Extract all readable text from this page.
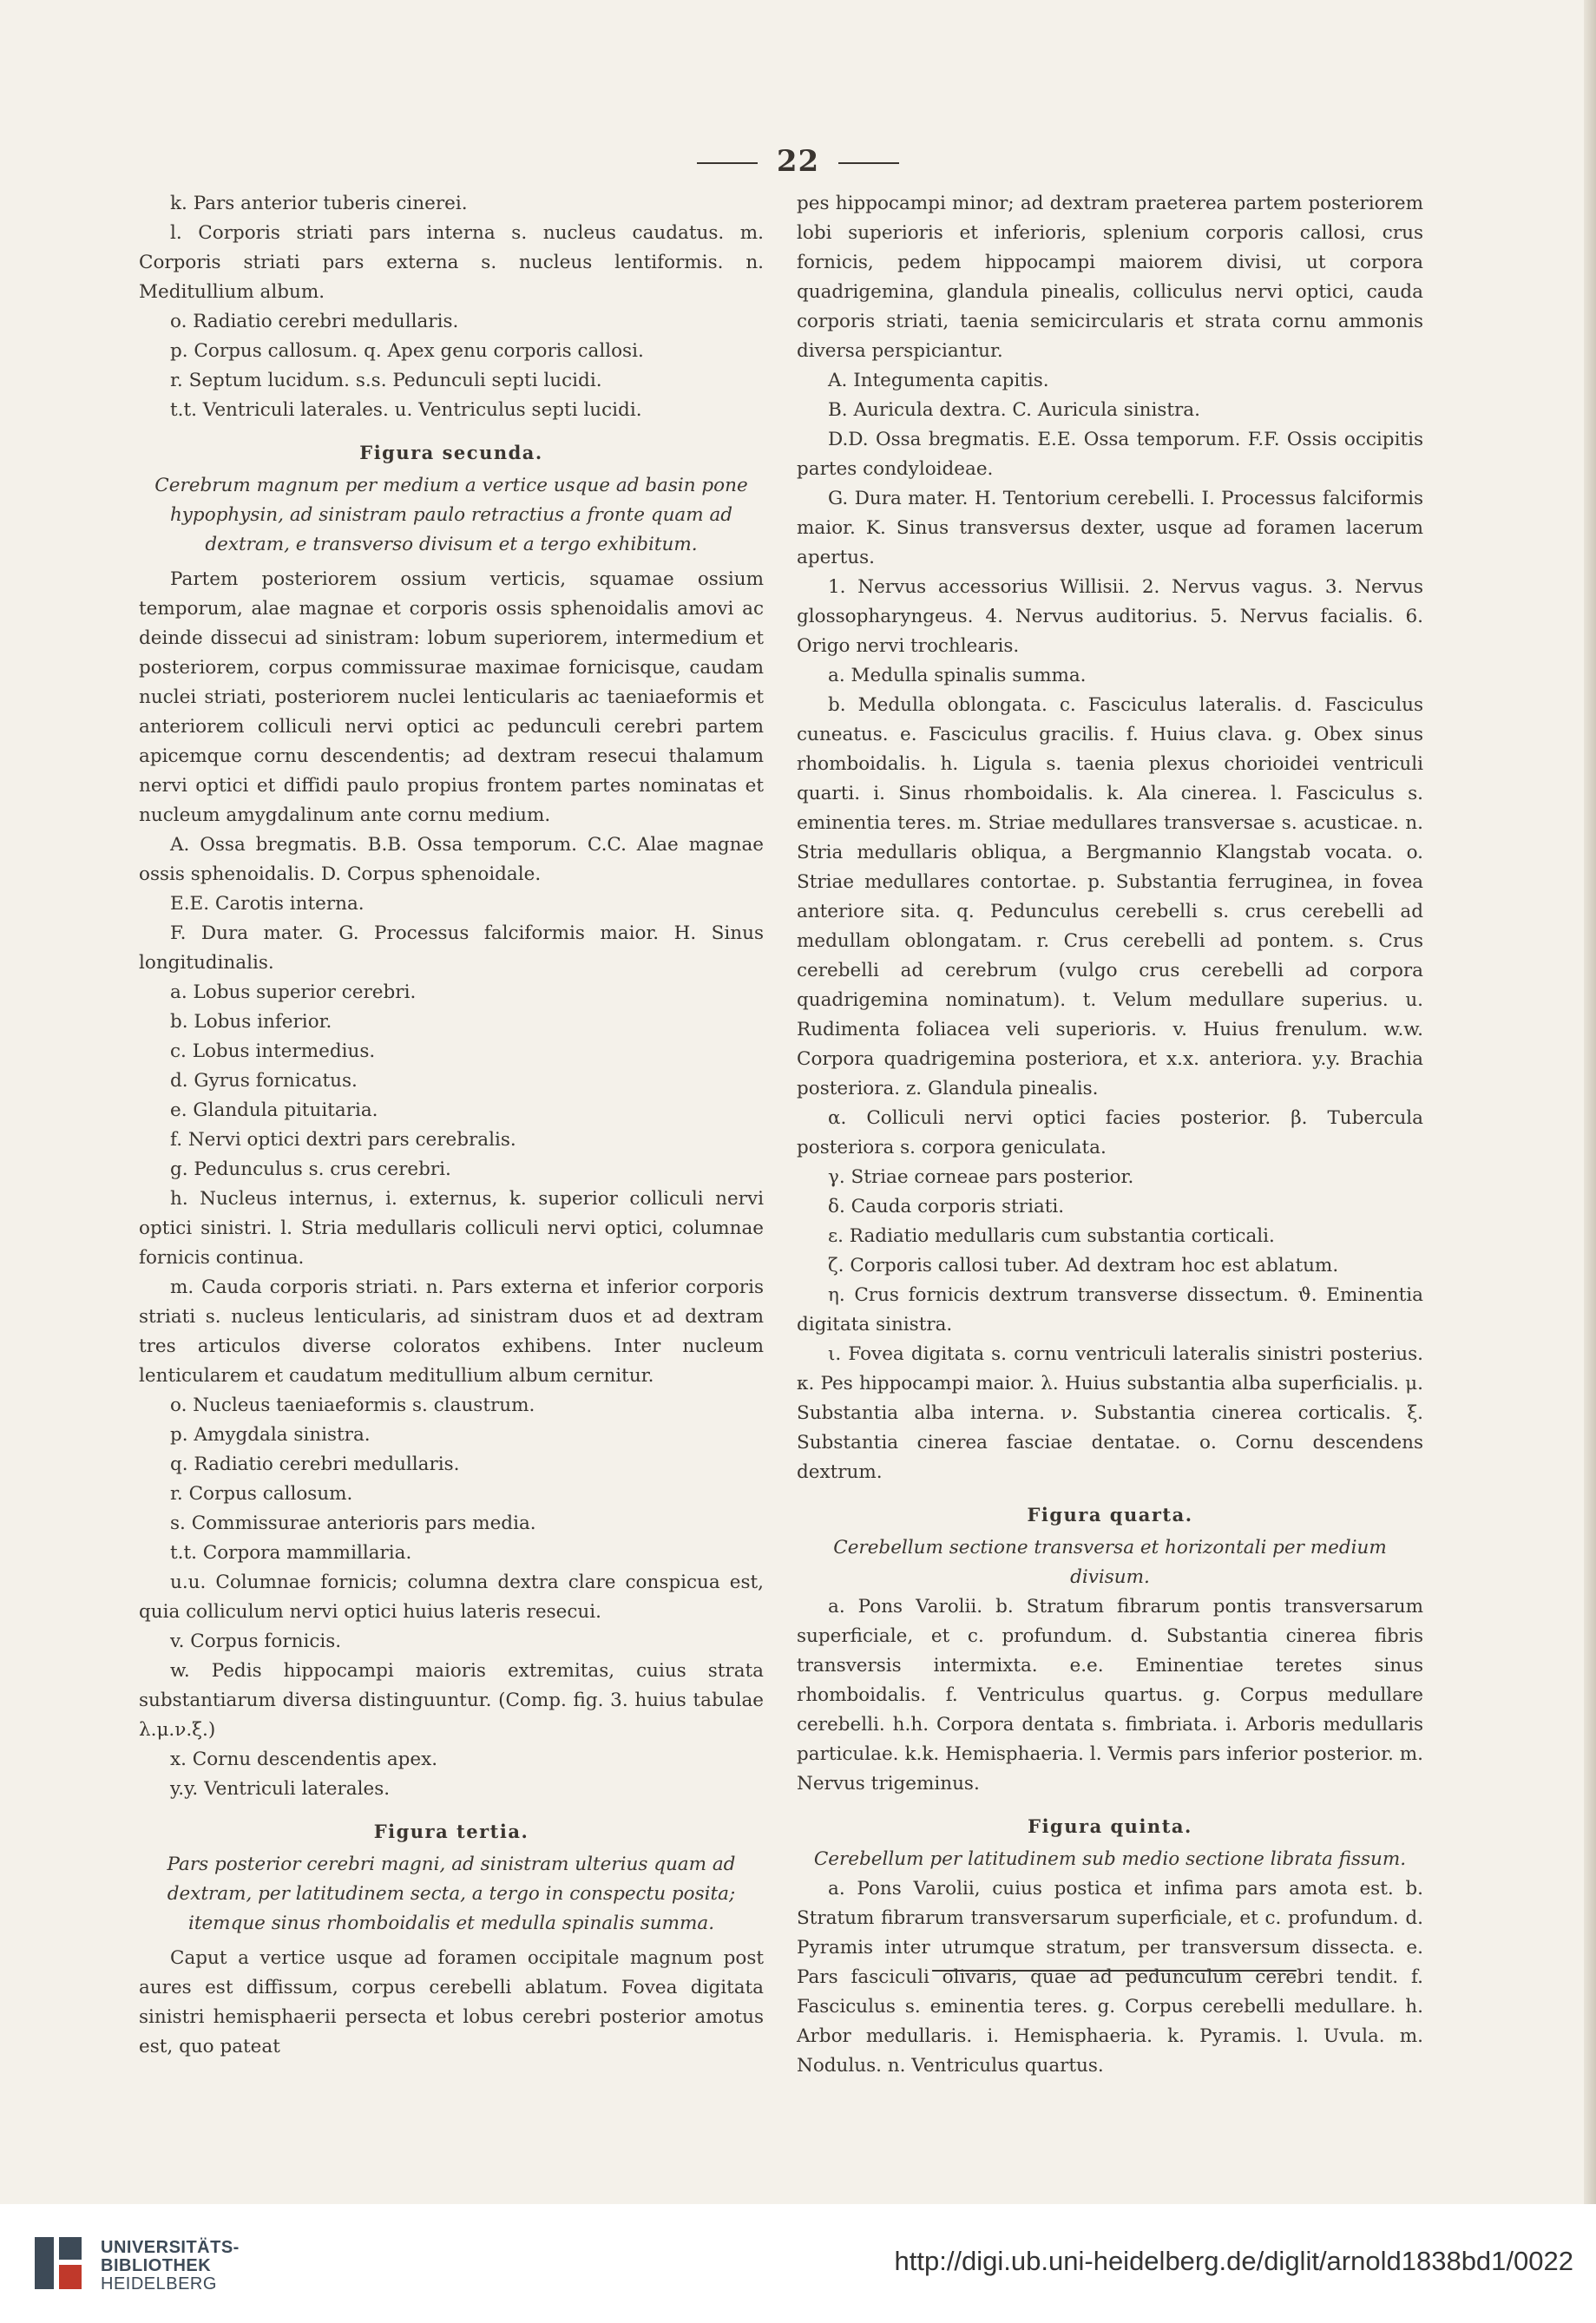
22

k. Pars anterior tuberis cinerei.

l. Corporis striati pars interna s. nucleus caudatus. m. Corporis striati pars externa s. nucleus lentiformis. n. Meditullium album.

o. Radiatio cerebri medullaris.

p. Corpus callosum. q. Apex genu corporis callosi.

r. Septum lucidum. s.s. Pedunculi septi lucidi.

t.t. Ventriculi laterales. u. Ventriculus septi lucidi.

Figura secunda.

Cerebrum magnum per medium a vertice usque ad basin pone hypophysin, ad sinistram paulo retractius a fronte quam ad dextram, e transverso divisum et a tergo exhibitum.

Partem posteriorem ossium verticis, squamae ossium temporum, alae magnae et corporis ossis sphenoidalis amovi ac deinde dissecui ad sinistram: lobum superiorem, intermedium et posteriorem, corpus commissurae maximae fornicisque, caudam nuclei striati, posteriorem nuclei lenticularis ac taeniaeformis et anteriorem colliculi nervi optici ac pedunculi cerebri partem apicemque cornu descendentis; ad dextram resecui thalamum nervi optici et diffidi paulo propius frontem partes nominatas et nucleum amygdalinum ante cornu medium.

A. Ossa bregmatis. B.B. Ossa temporum. C.C. Alae magnae ossis sphenoidalis. D. Corpus sphenoidale.

E.E. Carotis interna.

F. Dura mater. G. Processus falciformis maior. H. Sinus longitudinalis.

a. Lobus superior cerebri.

b. Lobus inferior.

c. Lobus intermedius.

d. Gyrus fornicatus.

e. Glandula pituitaria.

f. Nervi optici dextri pars cerebralis.

g. Pedunculus s. crus cerebri.

h. Nucleus internus, i. externus, k. superior colliculi nervi optici sinistri. l. Stria medullaris colliculi nervi optici, columnae fornicis continua.

m. Cauda corporis striati. n. Pars externa et inferior corporis striati s. nucleus lenticularis, ad sinistram duos et ad dextram tres articulos diverse coloratos exhibens. Inter nucleum lenticularem et caudatum meditullium album cernitur.

o. Nucleus taeniaeformis s. claustrum.

p. Amygdala sinistra.

q. Radiatio cerebri medullaris.

r. Corpus callosum.

s. Commissurae anterioris pars media.

t.t. Corpora mammillaria.

u.u. Columnae fornicis; columna dextra clare conspicua est, quia colliculum nervi optici huius lateris resecui.

v. Corpus fornicis.

w. Pedis hippocampi maioris extremitas, cuius strata substantiarum diversa distinguuntur. (Comp. fig. 3. huius tabulae λ.μ.ν.ξ.)

x. Cornu descendentis apex.

y.y. Ventriculi laterales.

Figura tertia.

Pars posterior cerebri magni, ad sinistram ulterius quam ad dextram, per latitudinem secta, a tergo in conspectu posita; itemque sinus rhomboidalis et medulla spinalis summa.

Caput a vertice usque ad foramen occipitale magnum post aures est diffissum, corpus cerebelli ablatum. Fovea digitata sinistri hemisphaerii persecta et lobus cerebri posterior amotus est, quo pateat

pes hippocampi minor; ad dextram praeterea partem posteriorem lobi superioris et inferioris, splenium corporis callosi, crus fornicis, pedem hippocampi maiorem divisi, ut corpora quadrigemina, glandula pinealis, colliculus nervi optici, cauda corporis striati, taenia semicircularis et strata cornu ammonis diversa perspiciantur.

A. Integumenta capitis.

B. Auricula dextra. C. Auricula sinistra.

D.D. Ossa bregmatis. E.E. Ossa temporum. F.F. Ossis occipitis partes condyloideae.

G. Dura mater. H. Tentorium cerebelli. I. Processus falciformis maior. K. Sinus transversus dexter, usque ad foramen lacerum apertus.

1. Nervus accessorius Willisii. 2. Nervus vagus. 3. Nervus glossopharyngeus. 4. Nervus auditorius. 5. Nervus facialis. 6. Origo nervi trochlearis.

a. Medulla spinalis summa.

b. Medulla oblongata. c. Fasciculus lateralis. d. Fasciculus cuneatus. e. Fasciculus gracilis. f. Huius clava. g. Obex sinus rhomboidalis. h. Ligula s. taenia plexus chorioidei ventriculi quarti. i. Sinus rhomboidalis. k. Ala cinerea. l. Fasciculus s. eminentia teres. m. Striae medullares transversae s. acusticae. n. Stria medullaris obliqua, a Bergmannio Klangstab vocata. o. Striae medullares contortae. p. Substantia ferruginea, in fovea anteriore sita. q. Pedunculus cerebelli s. crus cerebelli ad medullam oblongatam. r. Crus cerebelli ad pontem. s. Crus cerebelli ad cerebrum (vulgo crus cerebelli ad corpora quadrigemina nominatum). t. Velum medullare superius. u. Rudimenta foliacea veli superioris. v. Huius frenulum. w.w. Corpora quadrigemina posteriora, et x.x. anteriora. y.y. Brachia posteriora. z. Glandula pinealis.

α. Colliculi nervi optici facies posterior. β. Tubercula posteriora s. corpora geniculata.

γ. Striae corneae pars posterior.

δ. Cauda corporis striati.

ε. Radiatio medullaris cum substantia corticali.

ζ. Corporis callosi tuber. Ad dextram hoc est ablatum.

η. Crus fornicis dextrum transverse dissectum. ϑ. Eminentia digitata sinistra.

ι. Fovea digitata s. cornu ventriculi lateralis sinistri posterius. κ. Pes hippocampi maior. λ. Huius substantia alba superficialis. μ. Substantia alba interna. ν. Substantia cinerea corticalis. ξ. Substantia cinerea fasciae dentatae. ο. Cornu descendens dextrum.

Figura quarta.

Cerebellum sectione transversa et horizontali per medium divisum.

a. Pons Varolii. b. Stratum fibrarum pontis transversarum superficiale, et c. profundum. d. Substantia cinerea fibris transversis intermixta. e.e. Eminentiae teretes sinus rhomboidalis. f. Ventriculus quartus. g. Corpus medullare cerebelli. h.h. Corpora dentata s. fimbriata. i. Arboris medullaris particulae. k.k. Hemisphaeria. l. Vermis pars inferior posterior. m. Nervus trigeminus.

Figura quinta.

Cerebellum per latitudinem sub medio sectione librata fissum.

a. Pons Varolii, cuius postica et infima pars amota est. b. Stratum fibrarum transversarum superficiale, et c. profundum. d. Pyramis inter utrumque stratum, per transversum dissecta. e. Pars fasciculi olivaris, quae ad pedunculum cerebri tendit. f. Fasciculus s. eminentia teres. g. Corpus cerebelli medullare. h. Arbor medullaris. i. Hemisphaeria. k. Pyramis. l. Uvula. m. Nodulus. n. Ventriculus quartus.

UNIVERSITÄTS-
BIBLIOTHEK
HEIDELBERG
http://digi.ub.uni-heidelberg.de/diglit/arnold1838bd1/0022
